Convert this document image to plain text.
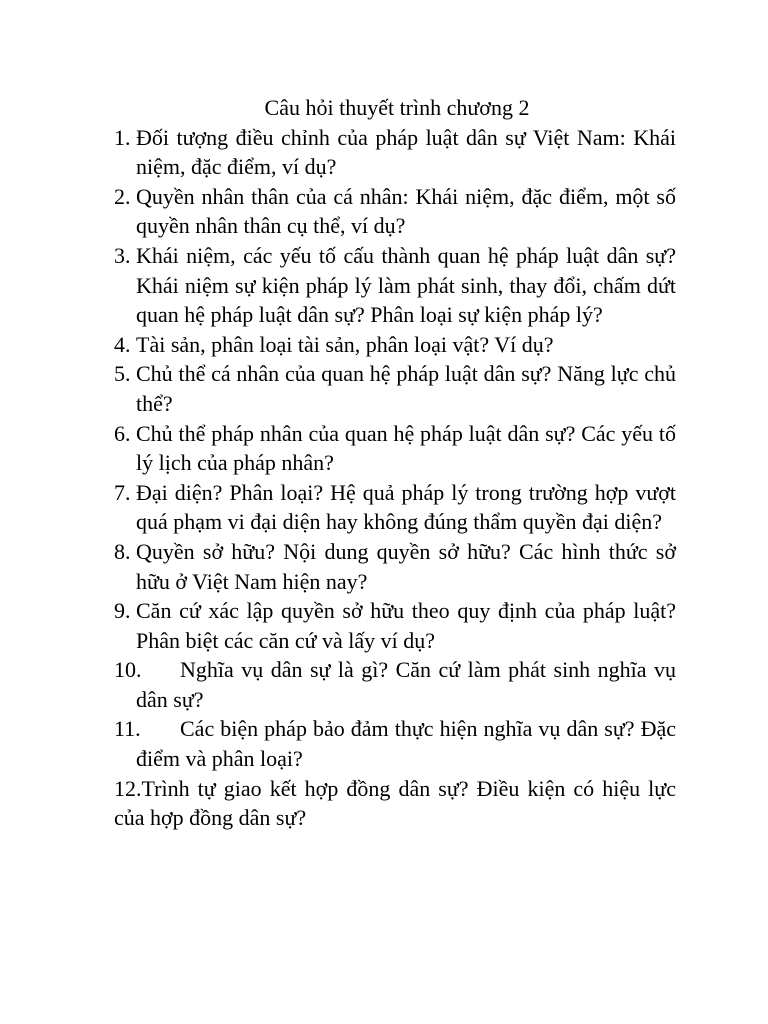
Câu hỏi thuyết trình chương 2
1. Đối tượng điều chỉnh của pháp luật dân sự Việt Nam: Khái niệm, đặc điểm, ví dụ?
2. Quyền nhân thân của cá nhân: Khái niệm, đặc điểm, một số quyền nhân thân cụ thể, ví dụ?
3. Khái niệm, các yếu tố cấu thành quan hệ pháp luật dân sự? Khái niệm sự kiện pháp lý làm phát sinh, thay đổi, chấm dứt quan hệ pháp luật dân sự? Phân loại sự kiện pháp lý?
4. Tài sản, phân loại tài sản, phân loại vật? Ví dụ?
5. Chủ thể cá nhân của quan hệ pháp luật dân sự? Năng lực chủ thể?
6. Chủ thể pháp nhân của quan hệ pháp luật dân sự? Các yếu tố lý lịch của pháp nhân?
7. Đại diện? Phân loại? Hệ quả pháp lý trong trường hợp vượt quá phạm vi đại diện hay không đúng thẩm quyền đại diện?
8. Quyền sở hữu? Nội dung quyền sở hữu? Các hình thức sở hữu ở Việt Nam hiện nay?
9. Căn cứ xác lập quyền sở hữu theo quy định của pháp luật? Phân biệt các căn cứ và lấy ví dụ?
10. Nghĩa vụ dân sự là gì? Căn cứ làm phát sinh nghĩa vụ dân sự?
11. Các biện pháp bảo đảm thực hiện nghĩa vụ dân sự? Đặc điểm và phân loại?
12.Trình tự giao kết hợp đồng dân sự? Điều kiện có hiệu lực của hợp đồng dân sự?
